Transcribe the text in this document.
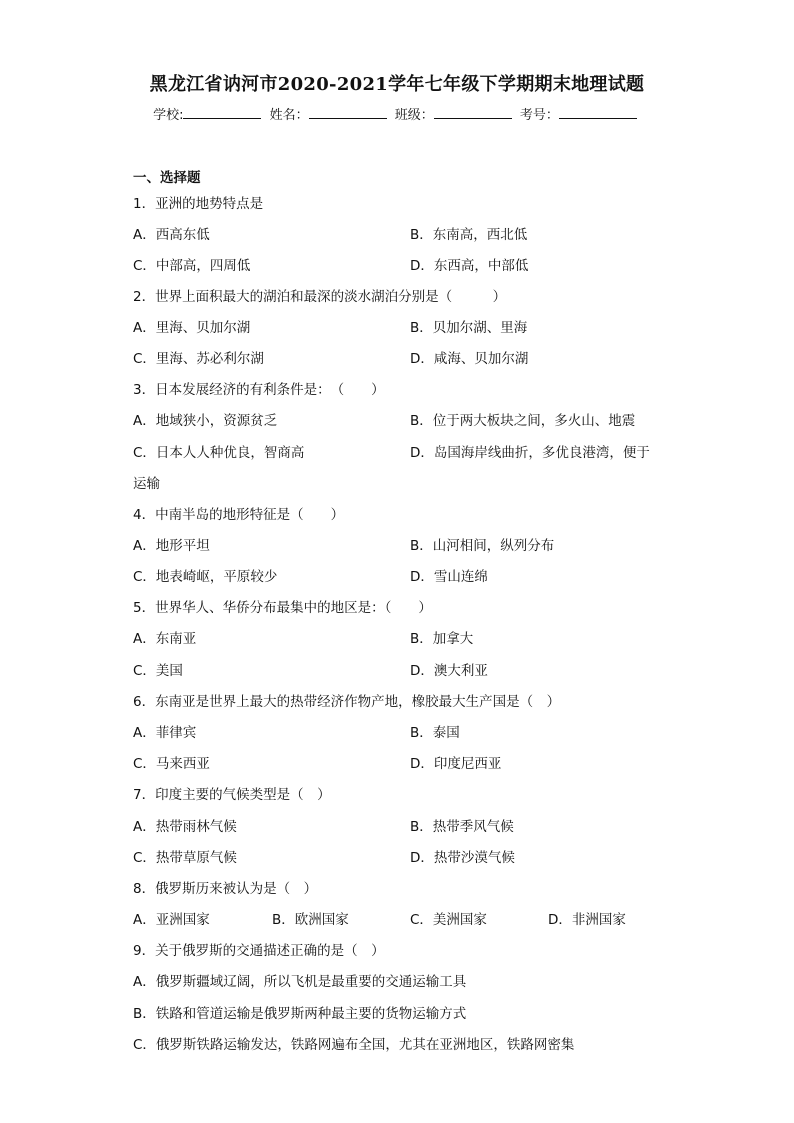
黑龙江省讷河市2020-2021学年七年级下学期期末地理试题
学校:	姓名：	班级：	考号：
一、选择题
1．亚洲的地势特点是
A．西高东低	B．东南高，西北低
C．中部高，四周低	D．东西高，中部低
2．世界上面积最大的湖泊和最深的淡水湖泊分别是（　　　）
A．里海、贝加尔湖	B．贝加尔湖、里海
C．里海、苏必利尔湖	D．咸海、贝加尔湖
3．日本发展经济的有利条件是：　（　　）
A．地域狭小，资源贫乏	B．位于两大板块之间，多火山、地震
C．日本人人种优良，智商高	D．岛国海岸线曲折，多优良港湾，便于
运输
4．中南半岛的地形特征是（　　）
A．地形平坦	B．山河相间，纵列分布
C．地表崎岖，平原较少	D．雪山连绵
5．世界华人、华侨分布最集中的地区是：（　　）
A．东南亚	B．加拿大
C．美国	D．澳大利亚
6．东南亚是世界上最大的热带经济作物产地，橡胶最大生产国是（　）
A．菲律宾	B．泰国
C．马来西亚	D．印度尼西亚
7．印度主要的气候类型是（　）
A．热带雨林气候	B．热带季风气候
C．热带草原气候	D．热带沙漠气候
8．俄罗斯历来被认为是（　）
A．亚洲国家	B．欧洲国家	C．美洲国家	D．非洲国家
9．关于俄罗斯的交通描述正确的是（　）
A．俄罗斯疆域辽阔，所以飞机是最重要的交通运输工具
B．铁路和管道运输是俄罗斯两种最主要的货物运输方式
C．俄罗斯铁路运输发达，铁路网遍布全国，尤其在亚洲地区，铁路网密集
